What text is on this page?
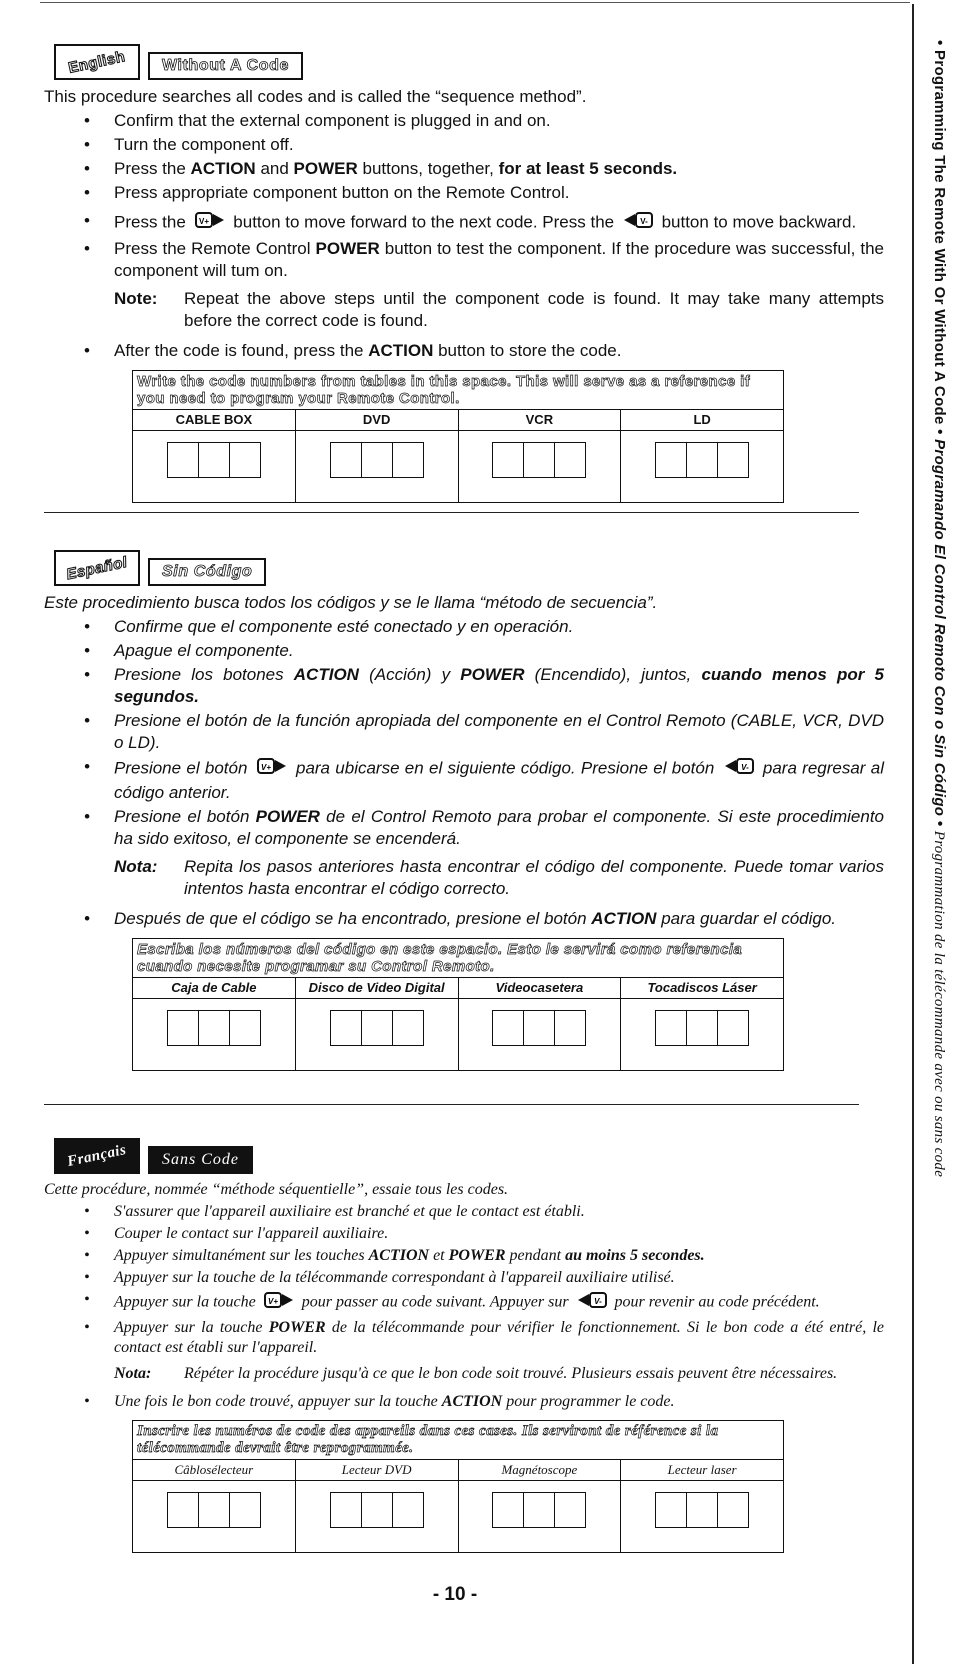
• Programming The Remote With Or Without A Code • Programando El Control Remoto Con o Sin Código • Programmation de la télécommande avec ou sans code
English	Without A Code
This procedure searches all codes and is called the “sequence method”.
• Confirm that the external component is plugged in and on.
• Turn the component off.
• Press the ACTION and POWER buttons, together, for at least 5 seconds.
• Press appropriate component button on the Remote Control.
• Press the V+ button to move forward to the next code. Press the	V- button to move backward.
• Press the Remote Control POWER button to test the component. If the procedure was successful, the component will tum on.
Note: Repeat the above steps until the component code is found. It may take many attempts before the correct code is found.
• After the code is found, press the ACTION button to store the code.
Write the code numbers from tables in this space. This will serve as a reference if you need to program your Remote Control.
CABLE BOX	DVD	VCR	LD
Español	Sin Código
Este procedimiento busca todos los códigos y se le llama “método de secuencia”.
• Confirme que el componente esté conectado y en operación.
• Apague el componente.
• Presione los botones ACTION (Acción) y POWER (Encendido), juntos, cuando menos por 5 segundos.
• Presione el botón de la función apropiada del componente en el Control Remoto (CABLE, VCR, DVD o LD).
• Presione el botón V+ para ubicarse en el siguiente código. Presione el botón	V- para regresar al código anterior.
• Presione el botón POWER de el Control Remoto para probar el componente. Si este procedimiento ha sido exitoso, el componente se encenderá.
Nota: Repita los pasos anteriores hasta encontrar el código del componente. Puede tomar varios intentos hasta encontrar el código correcto.
• Después de que el código se ha encontrado, presione el botón ACTION para guardar el código.
Escriba los números del código en este espacio. Esto le servirá como referencia cuando necesite programar su Control Remoto.
Caja de Cable	Disco de Video Digital	Videocasetera	Tocadiscos Láser
Français	Sans Code
Cette procédure, nommée “méthode séquentielle”, essaie tous les codes.
• S'assurer que l'appareil auxiliaire est branché et que le contact est établi.
• Couper le contact sur l'appareil auxiliaire.
• Appuyer simultanément sur les touches ACTION et POWER pendant au moins 5 secondes.
• Appuyer sur la touche de la télécommande correspondant à l'appareil auxiliaire utilisé.
• Appuyer sur la touche V+ pour passer au code suivant. Appuyer sur	V- pour revenir au code précédent.
• Appuyer sur la touche POWER de la télécommande pour vérifier le fonctionnement. Si le bon code a été entré, le contact est établi sur l'appareil.
Nota: Répéter la procédure jusqu'à ce que le bon code soit trouvé. Plusieurs essais peuvent être nécessaires.
• Une fois le bon code trouvé, appuyer sur la touche ACTION pour programmer le code.
Inscrire les numéros de code des appareils dans ces cases. Ils serviront de référence si la télécommande devrait être reprogrammée.
Câblosélecteur	Lecteur DVD	Magnétoscope	Lecteur laser
- 10 -
